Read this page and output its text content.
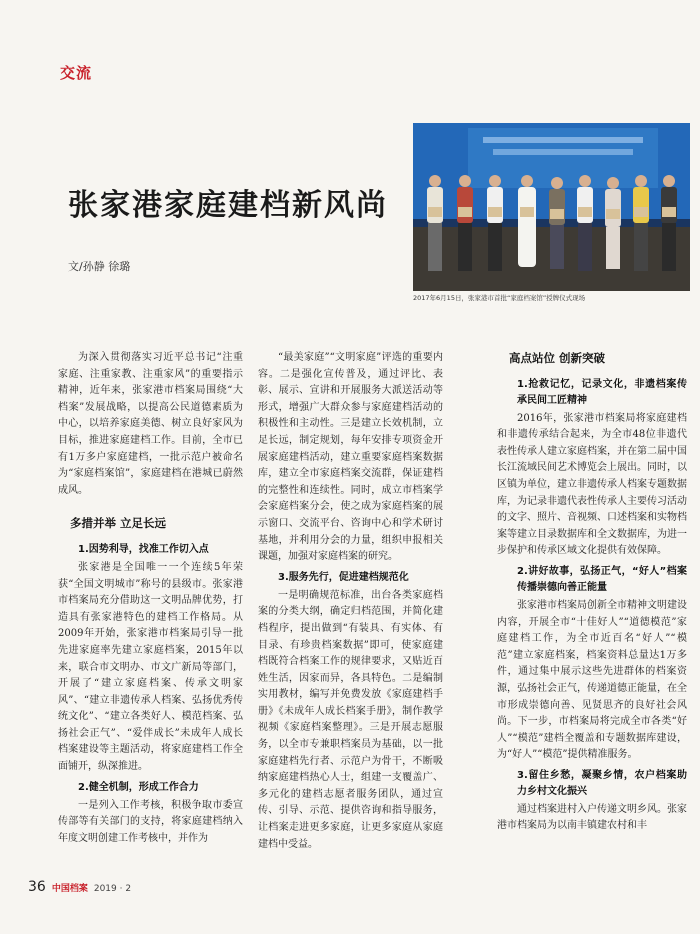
交流
2017年6月15日，张家港市首批“家庭档案馆”授牌仪式现场
张家港家庭建档新风尚
文/孙静 徐璐

为深入贯彻落实习近平总书记“注重家庭、注重家教、注重家风”的重要指示精神，近年来，张家港市档案局围绕“大档案”发展战略，以提高公民道德素质为中心，以培养家庭美德、树立良好家风为目标，推进家庭建档工作。目前，全市已有1万多户家庭建档，一批示范户被命名为“家庭档案馆”，家庭建档在港城已蔚然成风。

多措并举 立足长远
1.因势利导，找准工作切入点

张家港是全国唯一一个连续5年荣获“全国文明城市”称号的县级市。张家港市档案局充分借助这一文明品牌优势，打造具有张家港特色的建档工作格局。从2009年开始，张家港市档案局引导一批先进家庭率先建立家庭档案，2015年以来，联合市文明办、市文广新局等部门，开展了“建立家庭档案、传承文明家风”、“建立非遗传承人档案、弘扬优秀传统文化”、“建立各类好人、模范档案、弘扬社会正气”、“爱伴成长”未成年人成长档案建设等主题活动，将家庭建档工作全面铺开，纵深推进。

2.健全机制，形成工作合力

一是列入工作考核，积极争取市委宣传部等有关部门的支持，将家庭建档纳入年度文明创建工作考核中，并作为

“最美家庭”“文明家庭”评选的重要内容。二是强化宣传普及，通过评比、表彰、展示、宣讲和开展服务大派送活动等形式，增强广大群众参与家庭建档活动的积极性和主动性。三是建立长效机制，立足长远，制定规划，每年安排专项资金开展家庭建档活动，建立重要家庭档案数据库，建立全市家庭档案交流群，保证建档的完整性和连续性。同时，成立市档案学会家庭档案分会，使之成为家庭档案的展示窗口、交流平台、咨询中心和学术研讨基地，并利用分会的力量，组织申报相关课题，加强对家庭档案的研究。

3.服务先行，促进建档规范化

一是明确规范标准，出台各类家庭档案的分类大纲，确定归档范围，并简化建档程序，提出做到“有装具、有实体、有目录、有珍贵档案数据”即可，使家庭建档既符合档案工作的规律要求，又贴近百姓生活，因家而异，各具特色。二是编制实用教材，编写并免费发放《家庭建档手册》《未成年人成长档案手册》，制作教学视频《家庭档案整理》。三是开展志愿服务，以全市专兼职档案员为基础，以一批家庭建档先行者、示范户为骨干，不断吸纳家庭建档热心人士，组建一支覆盖广、多元化的建档志愿者服务团队，通过宣传、引导、示范、提供咨询和指导服务，让档案走进更多家庭，让更多家庭从家庭建档中受益。

高点站位 创新突破
1.抢救记忆，记录文化，非遗档案传承民间工匠精神

2016年，张家港市档案局将家庭建档和非遗传承结合起来，为全市48位非遗代表性传承人建立家庭档案，并在第二届中国长江流域民间艺术博览会上展出。同时，以区镇为单位，建立非遗传承人档案专题数据库，为记录非遗代表性传承人主要传习活动的文字、照片、音视频、口述档案和实物档案等建立目录数据库和全文数据库，为进一步保护和传承区域文化提供有效保障。

2.讲好故事，弘扬正气，“好人”档案传播崇德向善正能量

张家港市档案局创新全市精神文明建设内容，开展全市“十佳好人”“道德模范”家庭建档工作，为全市近百名“好人”“模范”建立家庭档案，档案资料总量达1万多件，通过集中展示这些先进群体的档案资源，弘扬社会正气，传递道德正能量，在全市形成崇德向善、见贤思齐的良好社会风尚。下一步，市档案局将完成全市各类“好人”“模范”建档全覆盖和专题数据库建设，为“好人”“模范”提供精准服务。

3.留住乡愁，凝聚乡情，农户档案助力乡村文化振兴

通过档案进村入户传递文明乡风。张家港市档案局为以南丰镇建农村和丰

36 中国档案 2019 · 2
